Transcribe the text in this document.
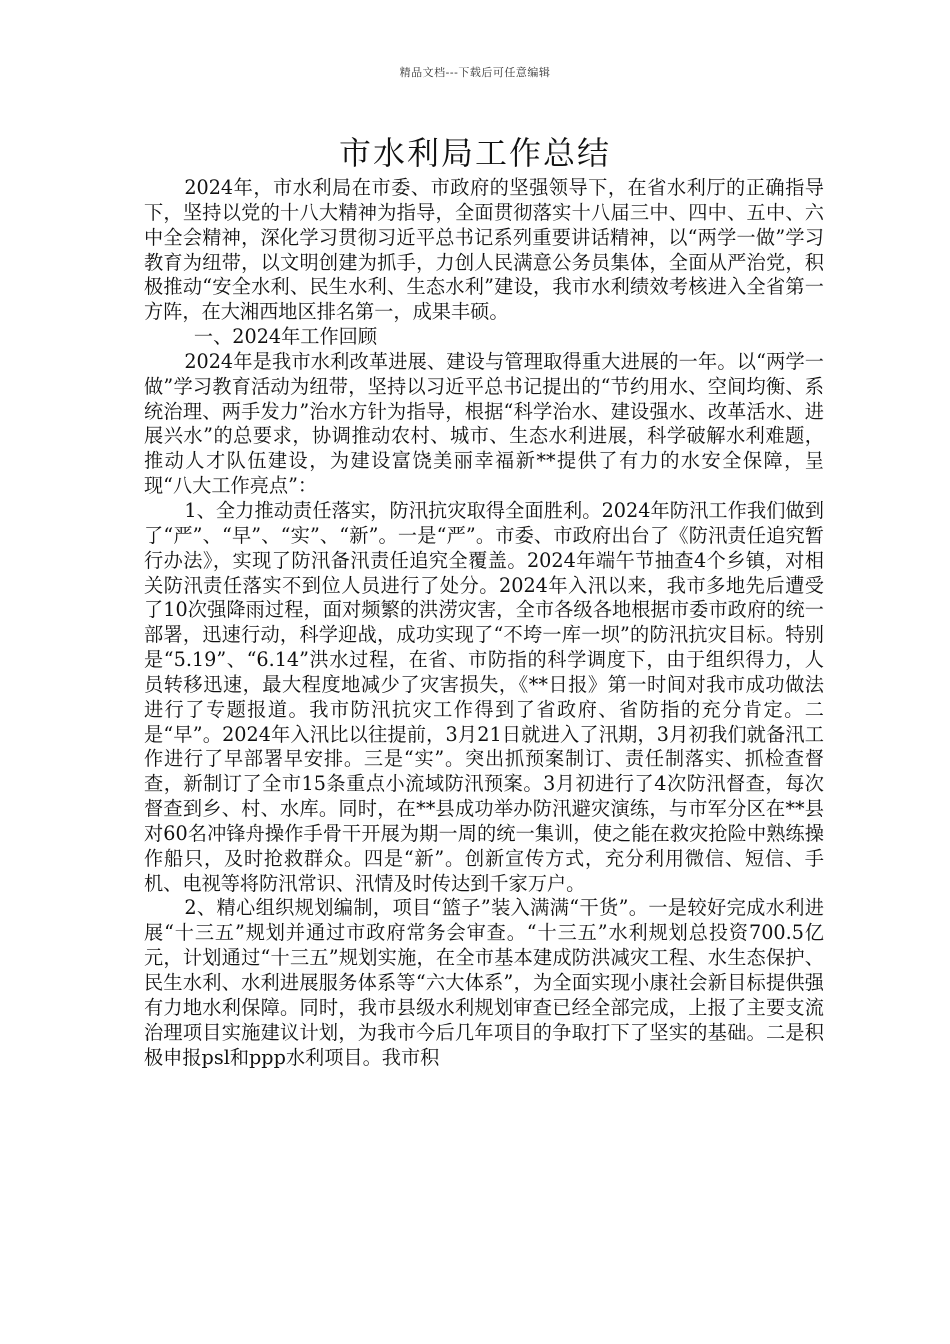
精品文档---下载后可任意编辑
市水利局工作总结

2024年，市水利局在市委、市政府的坚强领导下，在省水利厅的正确指导下，坚持以党的十八大精神为指导，全面贯彻落实十八届三中、四中、五中、六中全会精神，深化学习贯彻习近平总书记系列重要讲话精神，以“两学一做”学习教育为纽带，以文明创建为抓手，力创人民满意公务员集体，全面从严治党，积极推动“安全水利、民生水利、生态水利”建设，我市水利绩效考核进入全省第一方阵，在大湘西地区排名第一，成果丰硕。

一、2024年工作回顾

2024年是我市水利改革进展、建设与管理取得重大进展的一年。以“两学一做”学习教育活动为纽带，坚持以习近平总书记提出的“节约用水、空间均衡、系统治理、两手发力”治水方针为指导，根据“科学治水、建设强水、改革活水、进展兴水”的总要求，协调推动农村、城市、生态水利进展，科学破解水利难题，推动人才队伍建设，为建设富饶美丽幸福新**提供了有力的水安全保障，呈现“八大工作亮点”：

1、全力推动责任落实，防汛抗灾取得全面胜利。2024年防汛工作我们做到了“严”、“早”、“实”、“新”。一是“严”。市委、市政府出台了《防汛责任追究暂行办法》，实现了防汛备汛责任追究全覆盖。2024年端午节抽查4个乡镇，对相关防汛责任落实不到位人员进行了处分。2024年入汛以来，我市多地先后遭受了10次强降雨过程，面对频繁的洪涝灾害，全市各级各地根据市委市政府的统一部署，迅速行动，科学迎战，成功实现了“不垮一库一坝”的防汛抗灾目标。特别是“5.19”、“6.14”洪水过程，在省、市防指的科学调度下，由于组织得力，人员转移迅速，最大程度地减少了灾害损失，《**日报》第一时间对我市成功做法进行了专题报道。我市防汛抗灾工作得到了省政府、省防指的充分肯定。二是“早”。2024年入汛比以往提前，3月21日就进入了汛期，3月初我们就备汛工作进行了早部署早安排。三是“实”。突出抓预案制订、责任制落实、抓检查督查，新制订了全市15条重点小流域防汛预案。3月初进行了4次防汛督查，每次督查到乡、村、水库。同时，在**县成功举办防汛避灾演练，与市军分区在**县对60名冲锋舟操作手骨干开展为期一周的统一集训，使之能在救灾抢险中熟练操作船只，及时抢救群众。四是“新”。创新宣传方式，充分利用微信、短信、手机、电视等将防汛常识、汛情及时传达到千家万户。

2、精心组织规划编制，项目“篮子”装入满满“干货”。一是较好完成水利进展“十三五”规划并通过市政府常务会审查。“十三五”水利规划总投资700.5亿元，计划通过“十三五”规划实施，在全市基本建成防洪减灾工程、水生态保护、民生水利、水利进展服务体系等“六大体系”，为全面实现小康社会新目标提供强有力地水利保障。同时，我市县级水利规划审查已经全部完成，上报了主要支流治理项目实施建议计划，为我市今后几年项目的争取打下了坚实的基础。二是积极申报psl和ppp水利项目。我市积
